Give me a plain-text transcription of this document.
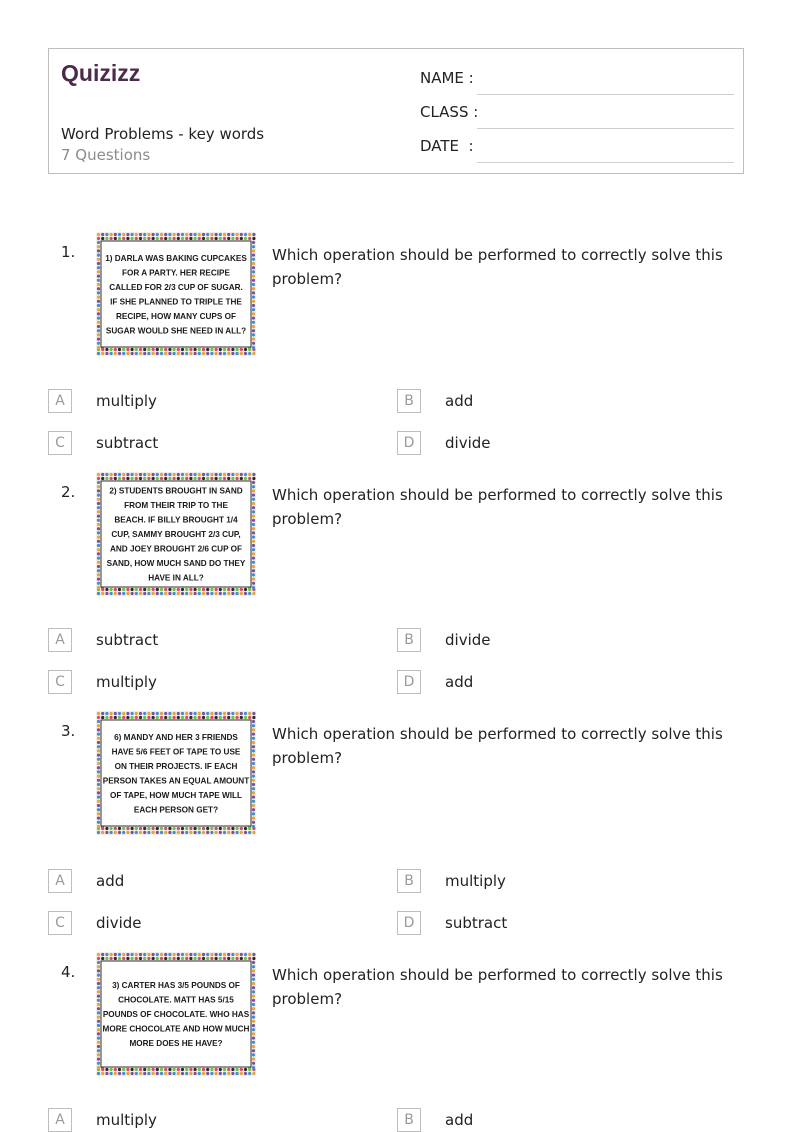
Quizizz
Word Problems - key words
7 Questions
NAME :
CLASS :
DATE  :
1.	1) DARLA WAS BAKING CUPCAKES FOR A PARTY. HER RECIPE CALLED FOR 2/3 CUP OF SUGAR. IF SHE PLANNED TO TRIPLE THE RECIPE, HOW MANY CUPS OF SUGAR WOULD SHE NEED IN ALL?
Which operation should be performed to correctly solve this problem?
A	multiply	B	add
C	subtract	D	divide
2.	2) STUDENTS BROUGHT IN SAND FROM THEIR TRIP TO THE BEACH. IF BILLY BROUGHT 1/4 CUP, SAMMY BROUGHT 2/3 CUP, AND JOEY BROUGHT 2/6 CUP OF SAND, HOW MUCH SAND DO THEY HAVE IN ALL?
Which operation should be performed to correctly solve this problem?
A	subtract	B	divide
C	multiply	D	add
3.	6) MANDY AND HER 3 FRIENDS HAVE 5/6 FEET OF TAPE TO USE ON THEIR PROJECTS. IF EACH PERSON TAKES AN EQUAL AMOUNT OF TAPE, HOW MUCH TAPE WILL EACH PERSON GET?
Which operation should be performed to correctly solve this problem?
A	add	B	multiply
C	divide	D	subtract
4.
3) CARTER HAS 3/5 POUNDS OF CHOCOLATE. MATT HAS 5/15 POUNDS OF CHOCOLATE. WHO HAS MORE CHOCOLATE AND HOW MUCH MORE DOES HE HAVE?
Which operation should be performed to correctly solve this problem?
A	multiply	B	add
